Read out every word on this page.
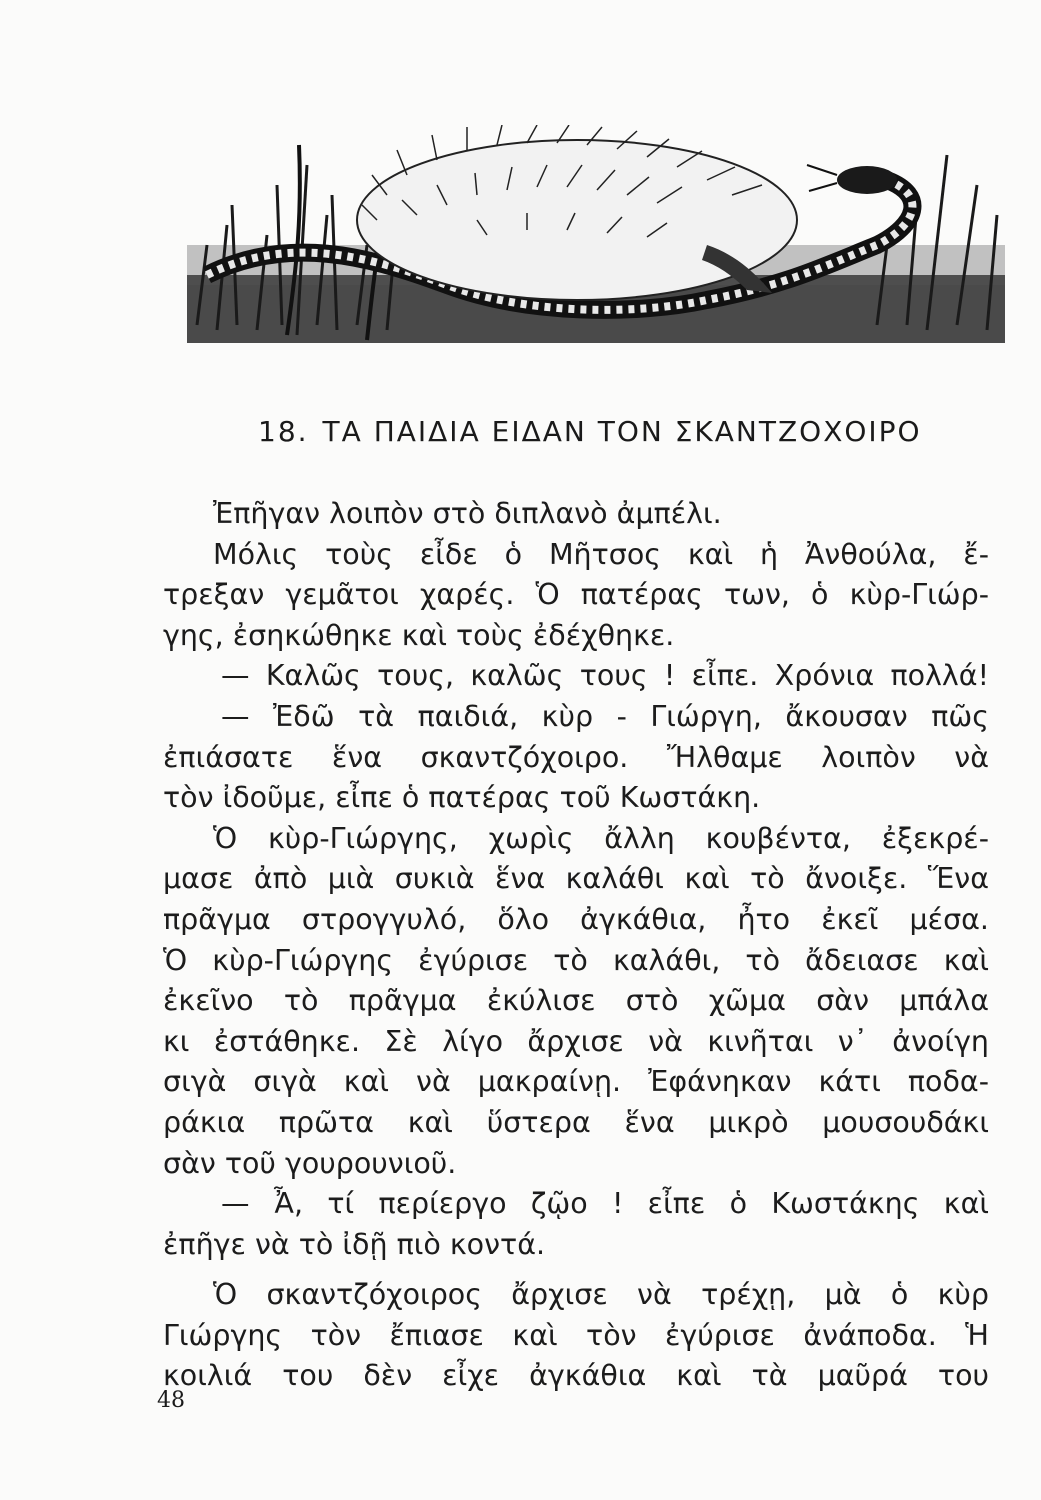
18. ΤΑ ΠΑΙΔΙΑ ΕΙΔΑΝ ΤΟΝ ΣΚΑΝΤΖΟΧΟΙΡΟ
Ἐπῆγαν λοιπὸν στὸ διπλανὸ ἀμπέλι.
Μόλις τοὺς εἶδε ὁ Μῆτσος καὶ ἡ Ἀνθούλα, ἔ-
τρεξαν γεμᾶτοι χαρές. Ὁ πατέρας των, ὁ κὺρ-Γιώρ-
γης, ἐσηκώθηκε καὶ τοὺς ἐδέχθηκε.
— Καλῶς τους, καλῶς τους ! εἶπε. Χρόνια πολλά!
— Ἐδῶ τὰ παιδιά, κὺρ - Γιώργη, ἄκουσαν πῶς
ἐπιάσατε ἕνα σκαντζόχοιρο. Ἤλθαμε λοιπὸν νὰ
τὸν ἰδοῦμε, εἶπε ὁ πατέρας τοῦ Κωστάκη.
Ὁ κὺρ-Γιώργης, χωρὶς ἄλλη κουβέντα, ἐξεκρέ-
μασε ἀπὸ μιὰ συκιὰ ἕνα καλάθι καὶ τὸ ἄνοιξε. Ἕνα
πρᾶγμα στρογγυλό, ὅλο ἀγκάθια, ἦτο ἐκεῖ μέσα.
Ὁ κὺρ-Γιώργης ἐγύρισε τὸ καλάθι, τὸ ἄδειασε καὶ
ἐκεῖνο τὸ πρᾶγμα ἐκύλισε στὸ χῶμα σὰν μπάλα
κι ἐστάθηκε. Σὲ λίγο ἄρχισε νὰ κινῆται ν᾿ ἀνοίγη
σιγὰ σιγὰ καὶ νὰ μακραίνῃ. Ἐφάνηκαν κάτι ποδα-
ράκια πρῶτα καὶ ὕστερα ἕνα μικρὸ μουσουδάκι
σὰν τοῦ γουρουνιοῦ.
— Ἆ, τί περίεργο ζῷο ! εἶπε ὁ Κωστάκης καὶ
ἐπῆγε νὰ τὸ ἰδῇ πιὸ κοντά.
Ὁ σκαντζόχοιρος ἄρχισε νὰ τρέχῃ, μὰ ὁ κὺρ
Γιώργης τὸν ἔπιασε καὶ τὸν ἐγύρισε ἀνάποδα. Ἡ
κοιλιά του δὲν εἶχε ἀγκάθια καὶ τὰ μαῦρά του
48
